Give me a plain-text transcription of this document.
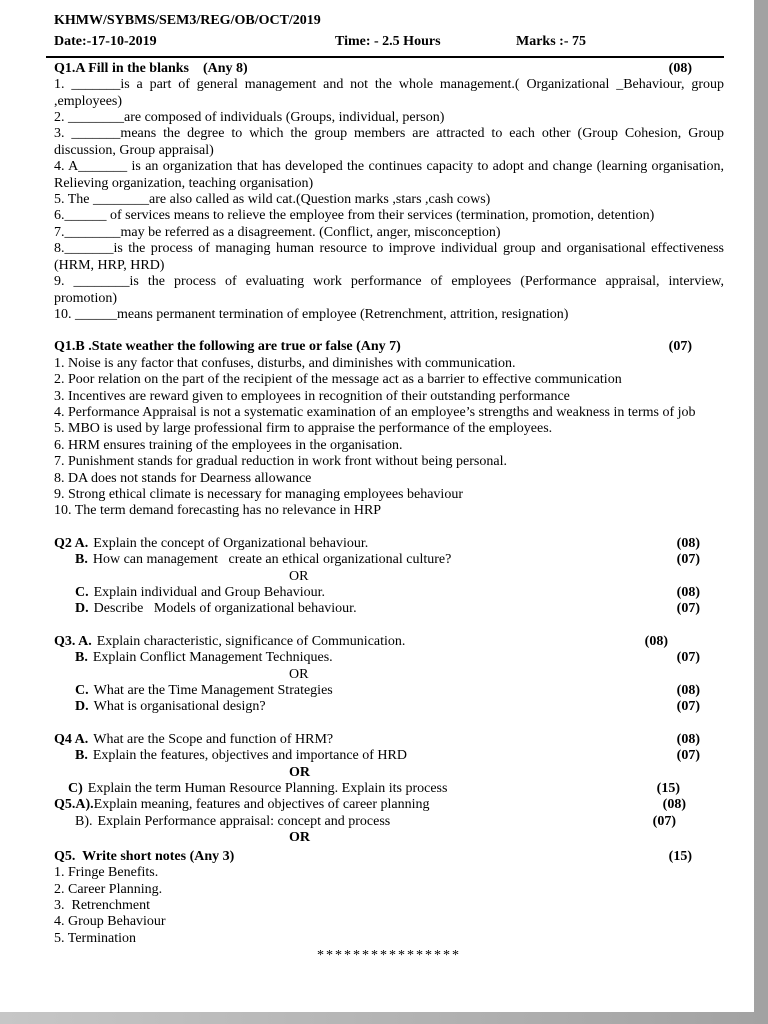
KHMW/SYBMS/SEM3/REG/OB/OCT/2019
Date:-17-10-2019	Time: - 2.5 Hours	Marks :- 75
Q1.A Fill in the blanks    (Any 8)	(08)
1. _______is a part of general management and not the whole management.( Organizational _Behaviour, group ,employees)
2. ________are composed of individuals (Groups, individual, person)
3. _______means the degree to which the group members are attracted to each other (Group Cohesion, Group discussion, Group appraisal)
4. A_______ is an organization that has developed the continues capacity to adopt and change (learning organisation, Relieving organization, teaching organisation)
5. The ________are also called as wild cat.(Question marks ,stars ,cash cows)
6.______ of services means to relieve the employee from their services (termination, promotion, detention)
7.________may be referred as a disagreement. (Conflict, anger, misconception)
8._______is the process of managing human resource to improve individual group and organisational effectiveness (HRM, HRP, HRD)
9. ________is the process of evaluating work performance of employees (Performance appraisal, interview, promotion)
10. ______means permanent termination of employee (Retrenchment, attrition, resignation)
Q1.B .State weather the following are true or false (Any 7)	(07)
1. Noise is any factor that confuses, disturbs, and diminishes with communication.
2. Poor relation on the part of the recipient of the message act as a barrier to effective communication
3. Incentives are reward given to employees in recognition of their outstanding performance
4. Performance Appraisal is not a systematic examination of an employee’s strengths and weakness in terms of job
5. MBO is used by large professional firm to appraise the performance of the employees.
6. HRM ensures training of the employees in the organisation.
7. Punishment stands for gradual reduction in work front without being personal.
8. DA does not stands for Dearness allowance
9. Strong ethical climate is necessary for managing employees behaviour
10. The term demand forecasting has no relevance in HRP
Q2 A. Explain the concept of Organizational behaviour.	(08)
B. How can management   create an ethical organizational culture?	(07)
OR
C. Explain individual and Group Behaviour.	(08)
D. Describe   Models of organizational behaviour.	(07)
Q3. A. Explain characteristic, significance of Communication.	(08)
B. Explain Conflict Management Techniques.	(07)
OR
C. What are the Time Management Strategies	(08)
D. What is organisational design?	(07)
Q4 A. What are the Scope and function of HRM?	(08)
B. Explain the features, objectives and importance of HRD	(07)
OR
C) Explain the term Human Resource Planning. Explain its process	(15)
Q5.A). Explain meaning, features and objectives of career planning	(08)
B). Explain Performance appraisal: concept and process	(07)
OR
Q5.  Write short notes (Any 3)	(15)
1. Fringe Benefits.
2. Career Planning.
3.  Retrenchment
4. Group Behaviour
5. Termination
****************
